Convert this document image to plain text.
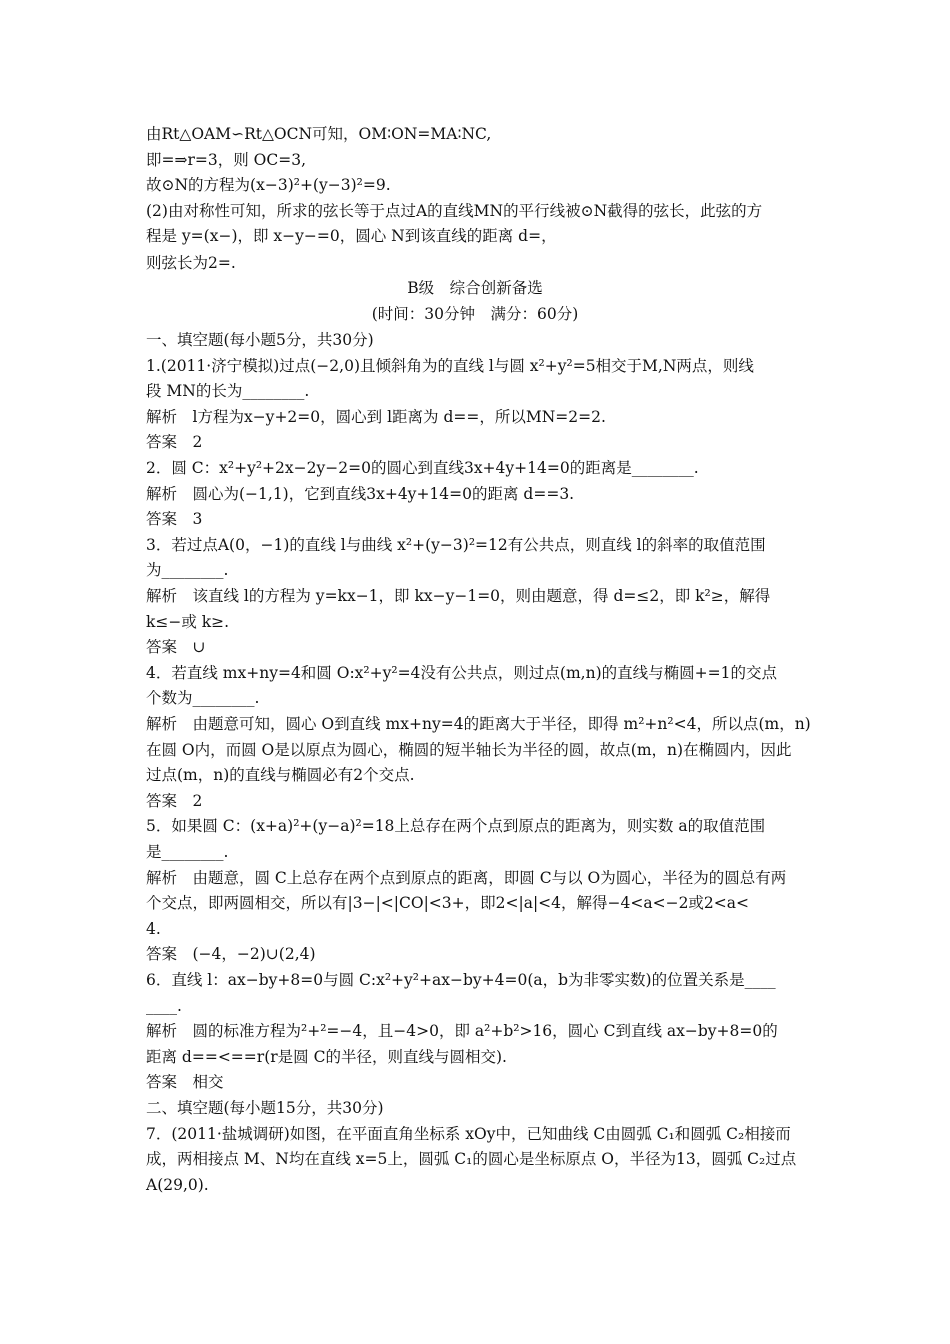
由Rt△OAM∽Rt△OCN可知，OM∶ON=MA∶NC,
即=⇒r=3，则 OC=3,
故⊙N的方程为(x−3)²+(y−3)²=9.
(2)由对称性可知，所求的弦长等于点过A的直线MN的平行线被⊙N截得的弦长，此弦的方
程是 y=(x−)，即 x−y−=0，圆心 N到该直线的距离 d=，
则弦长为2=.
B级　综合创新备选
(时间：30分钟　满分：60分)
一、填空题(每小题5分，共30分)
1.(2011·济宁模拟)过点(−2,0)且倾斜角为的直线 l与圆 x²+y²=5相交于M,N两点，则线
段 MN的长为________.
解析　l方程为x−y+2=0，圆心到 l距离为 d==，所以MN=2=2.
答案　2
2．圆 C：x²+y²+2x−2y−2=0的圆心到直线3x+4y+14=0的距离是________.
解析　圆心为(−1,1)，它到直线3x+4y+14=0的距离 d==3.
答案　3
3．若过点A(0，−1)的直线 l与曲线 x²+(y−3)²=12有公共点，则直线 l的斜率的取值范围
为________.
解析　该直线 l的方程为 y=kx−1，即 kx−y−1=0，则由题意，得 d=≤2，即 k²≥，解得
k≤−或 k≥.
答案　∪
4．若直线 mx+ny=4和圆 O:x²+y²=4没有公共点，则过点(m,n)的直线与椭圆+=1的交点
个数为________.
解析　由题意可知，圆心 O到直线 mx+ny=4的距离大于半径，即得 m²+n²<4，所以点(m，n)
在圆 O内，而圆 O是以原点为圆心，椭圆的短半轴长为半径的圆，故点(m，n)在椭圆内，因此
过点(m，n)的直线与椭圆必有2个交点.
答案　2
5．如果圆 C：(x+a)²+(y−a)²=18上总存在两个点到原点的距离为，则实数 a的取值范围
是________.
解析　由题意，圆 C上总存在两个点到原点的距离，即圆 C与以 O为圆心，半径为的圆总有两
个交点，即两圆相交，所以有|3−|<|CO|<3+，即2<|a|<4，解得−4<a<−2或2<a<
4.
答案　(−4，−2)∪(2,4)
6．直线 l：ax−by+8=0与圆 C:x²+y²+ax−by+4=0(a，b为非零实数)的位置关系是____
____.
解析　圆的标准方程为²+²=−4，且−4>0，即 a²+b²>16，圆心 C到直线 ax−by+8=0的
距离 d==<==r(r是圆 C的半径，则直线与圆相交).
答案　相交
二、填空题(每小题15分，共30分)
7．(2011·盐城调研)如图，在平面直角坐标系 xOy中，已知曲线 C由圆弧 C₁和圆弧 C₂相接而
成，两相接点 M、N均在直线 x=5上，圆弧 C₁的圆心是坐标原点 O，半径为13，圆弧 C₂过点
A(29,0).
